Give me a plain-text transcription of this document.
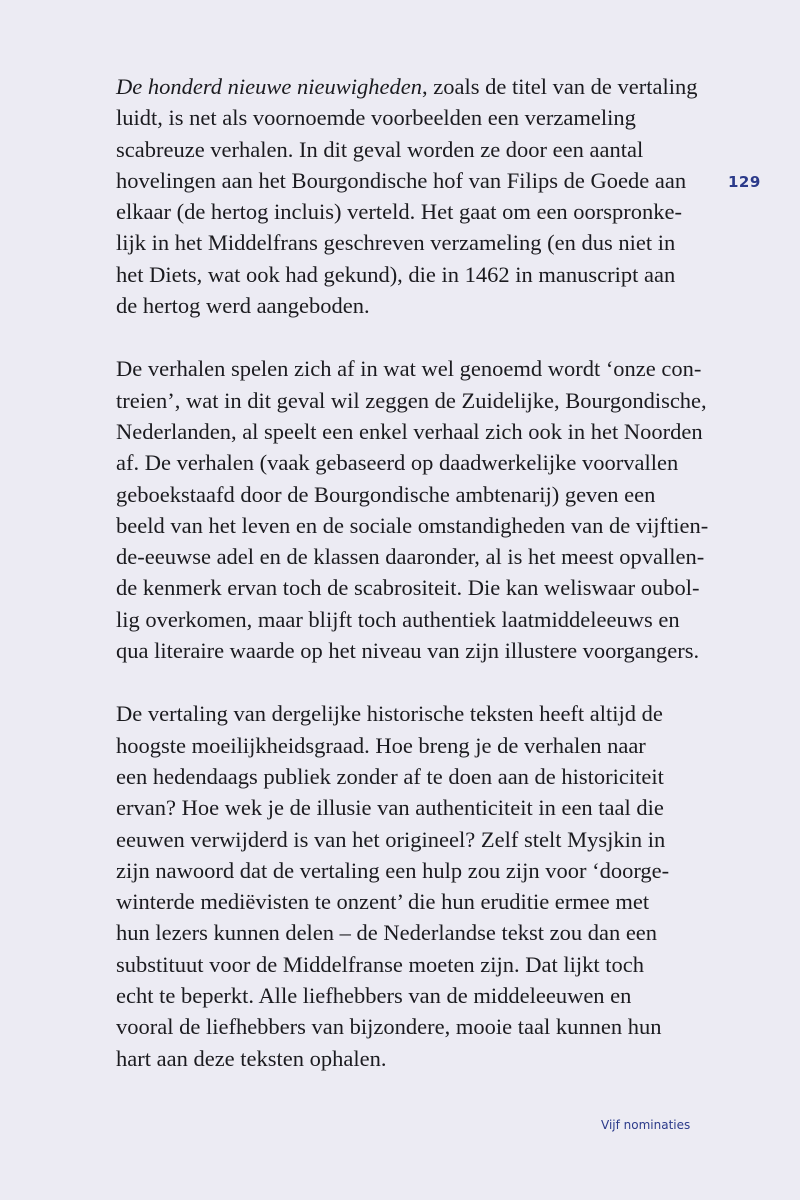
De honderd nieuwe nieuwigheden, zoals de titel van de vertaling
luidt, is net als voornoemde voorbeelden een verzameling
scabreuze verhalen. In dit geval worden ze door een aantal
hovelingen aan het Bourgondische hof van Filips de Goede aan
elkaar (de hertog incluis) verteld. Het gaat om een oorspronke-
lijk in het Middelfrans geschreven verzameling (en dus niet in
het Diets, wat ook had gekund), die in 1462 in manuscript aan
de hertog werd aangeboden.

De verhalen spelen zich af in wat wel genoemd wordt ‘onze con-
treien’, wat in dit geval wil zeggen de Zuidelijke, Bourgondische,
Nederlanden, al speelt een enkel verhaal zich ook in het Noorden
af. De verhalen (vaak gebaseerd op daadwerkelijke voorvallen
geboekstaafd door de Bourgondische ambtenarij) geven een
beeld van het leven en de sociale omstandigheden van de vijftien-
de-eeuwse adel en de klassen daaronder, al is het meest opvallen-
de kenmerk ervan toch de scabrositeit. Die kan weliswaar oubol-
lig overkomen, maar blijft toch authentiek laatmiddeleeuws en
qua literaire waarde op het niveau van zijn illustere voorgangers.

De vertaling van dergelijke historische teksten heeft altijd de
hoogste moeilijkheidsgraad. Hoe breng je de verhalen naar
een hedendaags publiek zonder af te doen aan de historiciteit
ervan? Hoe wek je de illusie van authenticiteit in een taal die
eeuwen verwijderd is van het origineel? Zelf stelt Mysjkin in
zijn nawoord dat de vertaling een hulp zou zijn voor ‘doorge-
winterde mediëvisten te onzent’ die hun eruditie ermee met
hun lezers kunnen delen – de Nederlandse tekst zou dan een
substituut voor de Middelfranse moeten zijn. Dat lijkt toch
echt te beperkt. Alle liefhebbers van de middeleeuwen en
vooral de liefhebbers van bijzondere, mooie taal kunnen hun
hart aan deze teksten ophalen.

129
Vijf nominaties
